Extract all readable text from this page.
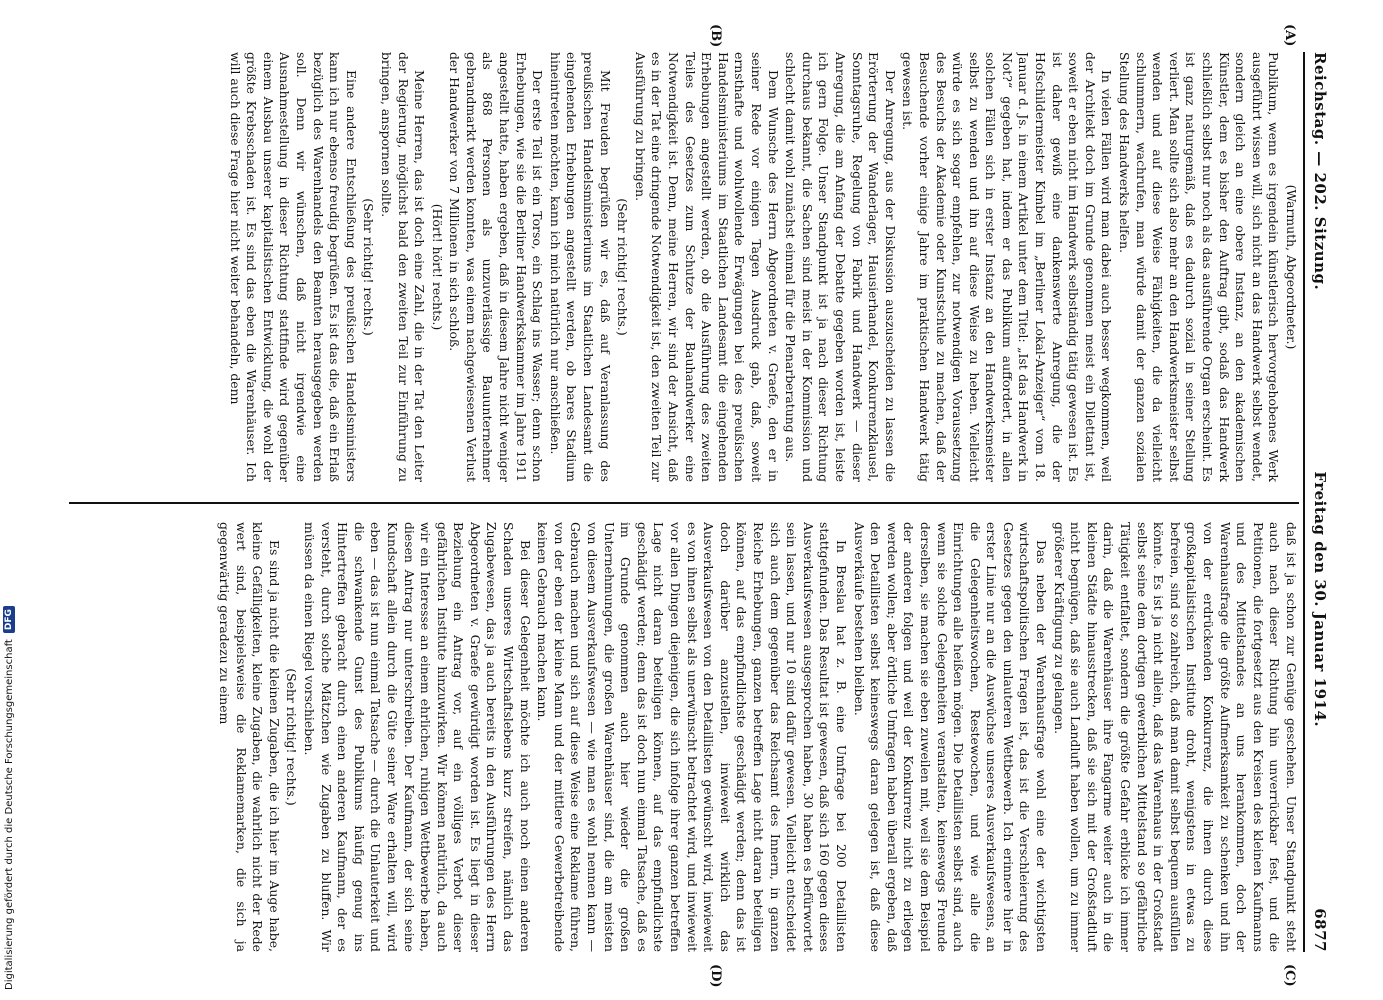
Reichstag. — 202. Sitzung.
Freitag den 30. Januar 1914.
6877
(A)
(B)
(C)
(D)

(Warmuth, Abgeordneter.)

Publikum, wenn es irgendein künstlerisch hervorgehobenes Werk ausgeführt wissen will, sich nicht an das Handwerk selbst wendet, sondern gleich an eine obere Instanz, an den akademischen Künstler, dem es bisher den Auftrag gibt, sodaß das Handwerk schließlich selbst nur noch als das ausführende Organ erscheint. Es ist ganz naturgemäß, daß es dadurch sozial in seiner Stellung verliert. Man sollte sich also mehr an den Handwerksmeister selbst wenden und auf diese Weise Fähigkeiten, die da vielleicht schlummern, wachrufen, man würde damit der ganzen sozialen Stellung des Handwerks helfen.

In vielen Fällen wird man dabei auch besser wegkommen, weil der Architekt doch im Grunde genommen meist ein Dilettant ist, soweit er eben nicht im Handwerk selbständig tätig gewesen ist. Es ist daher gewiß eine dankenswerte Anregung, die der Hofschildermeister Kimbel im „Berliner Lokal-Anzeiger“ vom 18. Januar d. Js. in einem Artikel unter dem Titel: „Ist das Handwerk in Not?“ gegeben hat, indem er das Publikum auffordert, in allen solchen Fällen sich in erster Instanz an den Handwerksmeister selbst zu wenden und ihn auf diese Weise zu heben. Vielleicht würde es sich sogar empfehlen, zur notwendigen Voraussetzung des Besuchs der Akademie oder Kunstschule zu machen, daß der Besuchende vorher einige Jahre im praktischen Handwerk tätig gewesen ist.

Der Anregung, aus der Diskussion auszuscheiden zu lassen die Erörterung der Wanderlager, Hausierhandel, Konkurrenzklausel, Sonntagsruhe, Regelung von Fabrik und Handwerk — dieser Anregung, die am Anfang der Debatte gegeben worden ist, leiste ich gern Folge. Unser Standpunkt ist ja nach dieser Richtung durchaus bekannt, die Sachen sind meist in der Kommission und schlecht damit wohl zunächst einmal für die Plenarberatung aus.

Dem Wunsche des Herrn Abgeordneten v. Graefe, den er in seiner Rede vor einigen Tagen Ausdruck gab, daß, soweit ernsthafte und wohlwollende Erwägungen bei des preußischen Handelsministeriums im Staatlichen Landesamt die eingehenden Erhebungen angestellt werden, ob die Ausführung des zweiten Teiles des Gesetzes zum Schutze der Bauhandwerker eine Notwendigkeit ist. Denn, meine Herren, wir sind der Ansicht, daß es in der Tat eine dringende Notwendigkeit ist, den zweiten Teil zur Ausführung zu bringen.

(Sehr richtig! rechts.)

Mit Freuden begrüßen wir es, daß auf Veranlassung des preußischen Handelsministeriums im Staatlichen Landesamt die eingehenden Erhebungen angestellt werden, ob bares Stadium hineintreten möchten, kann ich mich natürlich nur anschließen.

Der erste Teil ist ein Torso, ein Schlag ins Wasser; denn schon Erhebungen, wie sie die Berliner Handwerkskammer im Jahre 1911 angestellt hatte, haben ergeben, daß in diesem Jahre nicht weniger als 868 Personen als unzuverlässige Bauunternehmer gebrandmarkt werden konnten, was einem nachgewiesenen Verlust der Handwerker von 7 Millionen in sich schloß.

(Hört! hört! rechts.)

Meine Herren, das ist doch eine Zahl, die in der Tat den Leiter der Regierung, möglichst bald den zweiten Teil zur Einführung zu bringen, anspornen sollte.

(Sehr richtig! rechts.)

Eine andere Entschließung des preußischen Handelsministers kann ich nur ebenso freudig begrüßen. Es ist das die, daß ein Erlaß bezüglich des Warenhandels den Beamten herausgegeben werden soll. Denn wir wünschen, daß nicht irgendwie eine Ausnahmestellung in dieser Richtung stattfinde wird gegenüber einem Ausbau unserer kapitalistischen Entwicklung, die wohl der größte Krebsschaden ist. Es sind das eben die Warenhäuser. Ich will auch diese Frage hier nicht weiter behandeln, denn

daß ist ja schon zur Genüge geschehen. Unser Standpunkt steht auch nach dieser Richtung hin unverrückbar fest, und die Petitionen, die fortgesetzt aus den Kreisen des kleinen Kaufmanns und des Mittelstandes an uns herankommen, doch der Warenhausfrage die größte Aufmerksamkeit zu schenken und ihn von der erdrückenden Konkurrenz, die ihnen durch diese großkapitalistischen Institute droht, wenigstens in etwas zu befreien, sind so zahlreich, daß man damit selbst bequem ausfüllen könnte. Es ist ja nicht allein, daß das Warenhaus in der Großstadt selbst seine dem dortigen gewerblichen Mittelstand so gefährliche Tätigkeit entfaltet, sondern die größte Gefahr erblicke ich immer darin, daß die Warenhäuser ihre Fangarme weiter auch in die kleinen Städte hinausstrecken, daß sie sich mit der Großstadtluft nicht begnügen, daß sie auch Landluft haben wollen, um zu immer größerer Kräftigung zu gelangen.

Das neben der Warenhausfrage wohl eine der wichtigsten wirtschaftspolitischen Fragen ist, das ist die Verschleierung des Gesetzes gegen den unlauteren Wettbewerb. Ich erinnere hier in erster Linie nur an die Auswüchse unseres Ausverkaufswesens, an die Gelegenheitswochen, Restewochen, und wie alle die Einrichtungen alle heißen mögen. Die Detaillisten selbst sind, auch wenn sie solche Gelegenheiten veranstalten, keineswegs Freunde derselben, sie machen sie eben zuweilen mit, weil sie dem Beispiel der anderen folgen und weil der Konkurrenz nicht zu erliegen werden wollen; aber örtliche Umfragen haben überall ergeben, daß den Detaillisten selbst keineswegs daran gelegen ist, daß diese Ausverkäufe bestehen bleiben.

In Breslau hat z. B. eine Umfrage bei 200 Detaillisten stattgefunden. Das Resultat ist gewesen, daß sich 160 gegen dieses Ausverkaufswesen ausgesprochen haben, 30 haben es befürwortet sein lassen, und nur 10 sind dafür gewesen. Vielleicht entscheidet sich auch dem gegenüber das Reichsamt des Innern, in ganzen Reiche Erhebungen, ganzen betreffen Lage nicht daran beteiligen können, auf das empfindlichste geschädigt werden; denn das ist doch darüber anzustellen, inwieweit wirklich das Ausverkaufswesen von den Detaillisten gewünscht wird, inwieweit es von ihnen selbst als unerwünscht betrachtet wird, und inwieweit vor allen Dingen diejenigen, die sich infolge ihrer ganzen betreffen Lage nicht daran beteiligen können, auf das empfindlichste geschädigt werden; denn das ist doch nun einmal Tatsache, daß es im Grunde genommen auch hier wieder die großen Unternehmungen, die großen Warenhäuser sind, die am meisten von diesem Ausverkaufswesen — wie man es wohl nennen kann — Gebrauch machen und sich auf diese Weise eine Reklame führen, von der eben der kleine Mann und der mittlere Gewerbetreibende keinen Gebrauch machen kann.

Bei dieser Gelegenheit möchte ich auch noch einen anderen Schaden unseres Wirtschaftslebens kurz streifen, nämlich das Zugabewesen, das ja auch bereits in den Ausführungen des Herrn Abgeordneten v. Graefe gewürdigt worden ist. Es liegt in dieser Beziehung ein Antrag vor, auf ein völliges Verbot dieser gefährlichen Institute hinzuwirken. Wir können natürlich, da auch wir ein Interesse an einem ehrlichen, ruhigen Wettbewerbe haben, diesen Antrag nur unterschreiben. Der Kaufmann, der sich seine Kundschaft allein durch die Güte seiner Ware erhalten will, wird eben — das ist nun einmal Tatsache — durch die Unlauterkeit und die schwankende Gunst des Publikums häufig genug ins Hintertreffen gebracht durch einen anderen Kaufmann, der es versteht, durch solche Mätzchen wie Zugaben zu bluffen. Wir müssen da einen Riegel vorschieben.

(Sehr richtig! rechts.)

Es sind ja nicht die kleinen Zugaben, die ich hier im Auge habe, kleine Gefälligkeiten, kleine Zugaben, die wahrlich nicht der Rede wert sind, beispielsweise die Reklamemarken, die sich ja gegenwärtig geradezu zu einem

Digitalisierung gefördert durch die Deutsche Forschungsgemeinschaft
DFG
